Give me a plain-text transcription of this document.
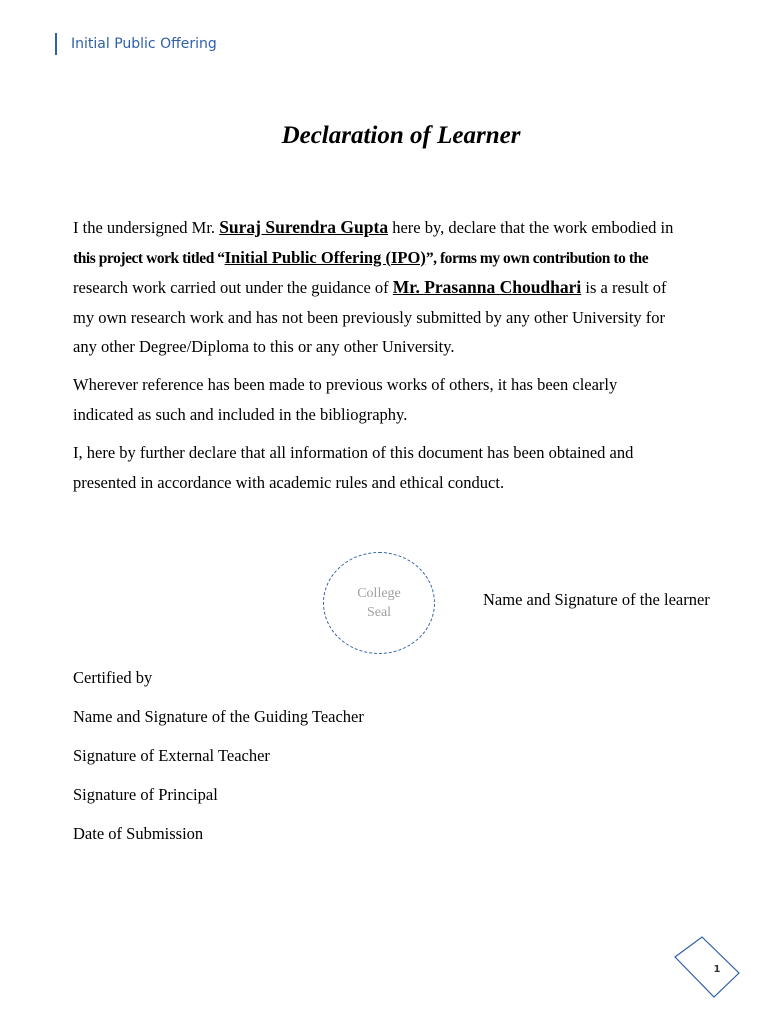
Initial Public Offering
Declaration of Learner

I the undersigned Mr. Suraj Surendra Gupta here by, declare that the work embodied in
this project work titled “Initial Public Offering (IPO)”, forms my own contribution to the
research work carried out under the guidance of Mr. Prasanna Choudhari is a result of
my own research work and has not been previously submitted by any other University for
any other Degree/Diploma to this or any other University.

Wherever reference has been made to previous works of others, it has been clearly
indicated as such and included in the bibliography.

I, here by further declare that all information of this document has been obtained and
presented in accordance with academic rules and ethical conduct.

College
Seal
Name and Signature of the learner
Certified by
Name and Signature of the Guiding Teacher
Signature of External Teacher
Signature of Principal
Date of Submission
1
